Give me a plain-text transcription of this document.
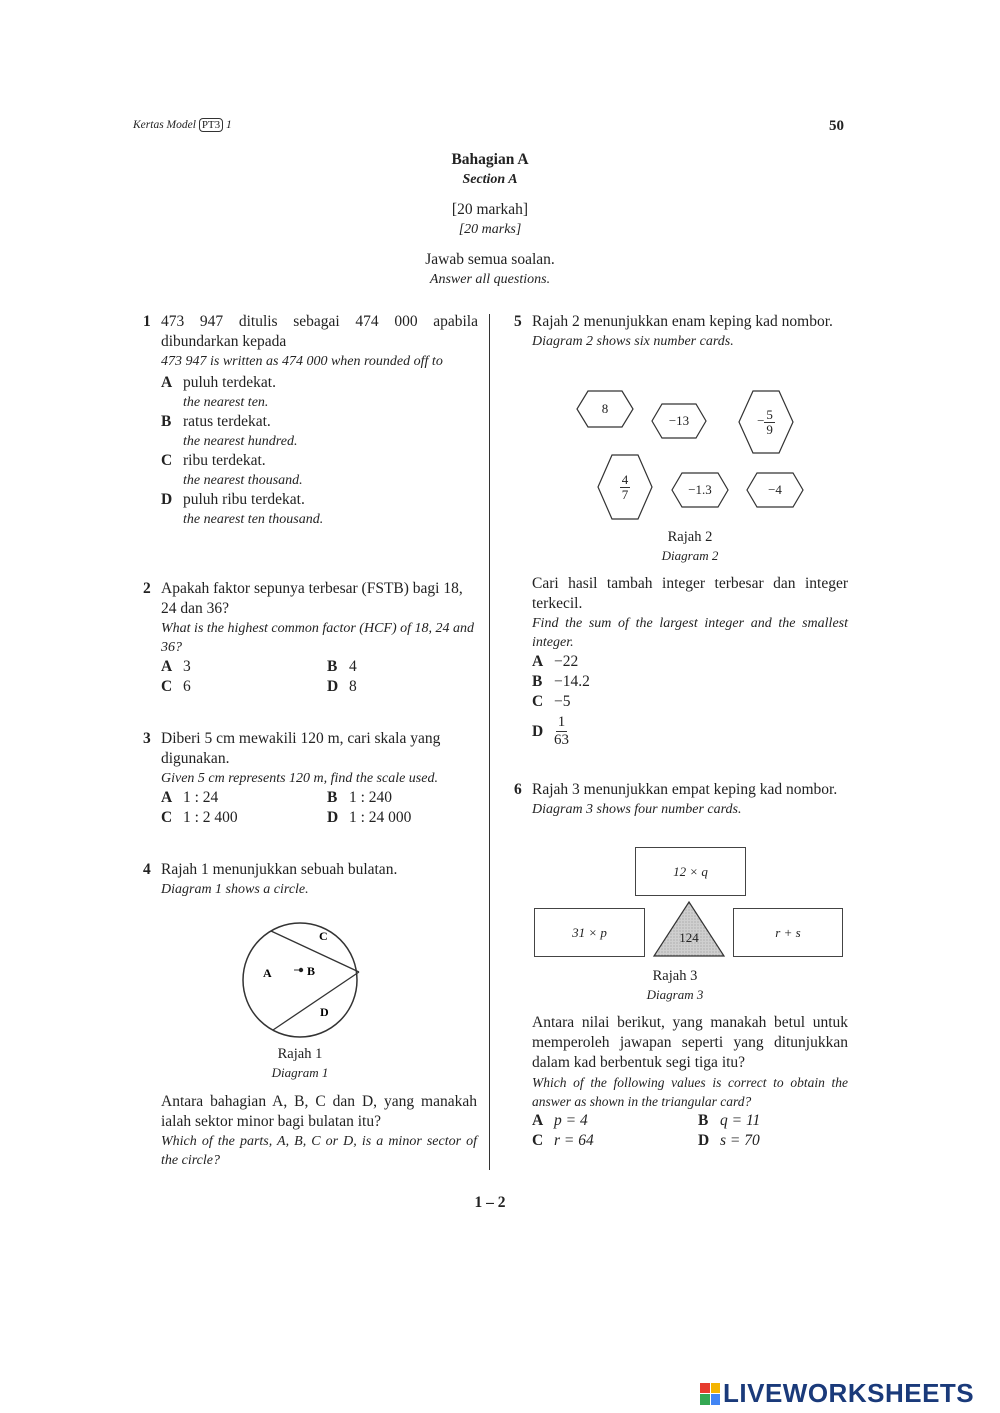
Kertas Model PT3 1	50
Bahagian A
Section A
[20 markah]
[20 marks]
Jawab semua soalan.
Answer all questions.
1 473 947 ditulis sebagai 474 000 apabila dibundarkan kepada
473 947 is written as 474 000 when rounded off to
A puluh terdekat.
the nearest ten.
B ratus terdekat.
the nearest hundred.
C ribu terdekat.
the nearest thousand.
D puluh ribu terdekat.
the nearest ten thousand.
2 Apakah faktor sepunya terbesar (FSTB) bagi 18, 24 dan 36?
What is the highest common factor (HCF) of 18, 24 and 36?
A 3	B 4
C 6	D 8
3 Diberi 5 cm mewakili 120 m, cari skala yang digunakan.
Given 5 cm represents 120 m, find the scale used.
A 1 : 24	B 1 : 240
C 1 : 2 400	D 1 : 24 000
4 Rajah 1 menunjukkan sebuah bulatan.
Diagram 1 shows a circle.
A	B
C
D
Rajah 1
Diagram 1
Antara bahagian A, B, C dan D, yang manakah ialah sektor minor bagi bulatan itu?
Which of the parts, A, B, C or D, is a minor sector of the circle?
5 Rajah 2 menunjukkan enam keping kad nombor.
Diagram 2 shows six number cards.
8
−13	− $\frac{5}{9}$
$\frac{4}{7}$	−1.3	−4
Rajah 2
Diagram 2
Cari hasil tambah integer terbesar dan integer terkecil.
Find the sum of the largest integer and the smallest integer.
A −22
B −14.2
C −5
D $\frac{1}{63}$
6 Rajah 3 menunjukkan empat keping kad nombor.
Diagram 3 shows four number cards.
12 × q
31 × p	r + s
124
Rajah 3
Diagram 3
Antara nilai berikut, yang manakah betul untuk memperoleh jawapan seperti yang ditunjukkan dalam kad berbentuk segi tiga itu?
Which of the following values is correct to obtain the answer as shown in the triangular card?
A p = 4	B q = 11
C r = 64	D s = 70
1 – 2
LIVEWORKSHEETS
